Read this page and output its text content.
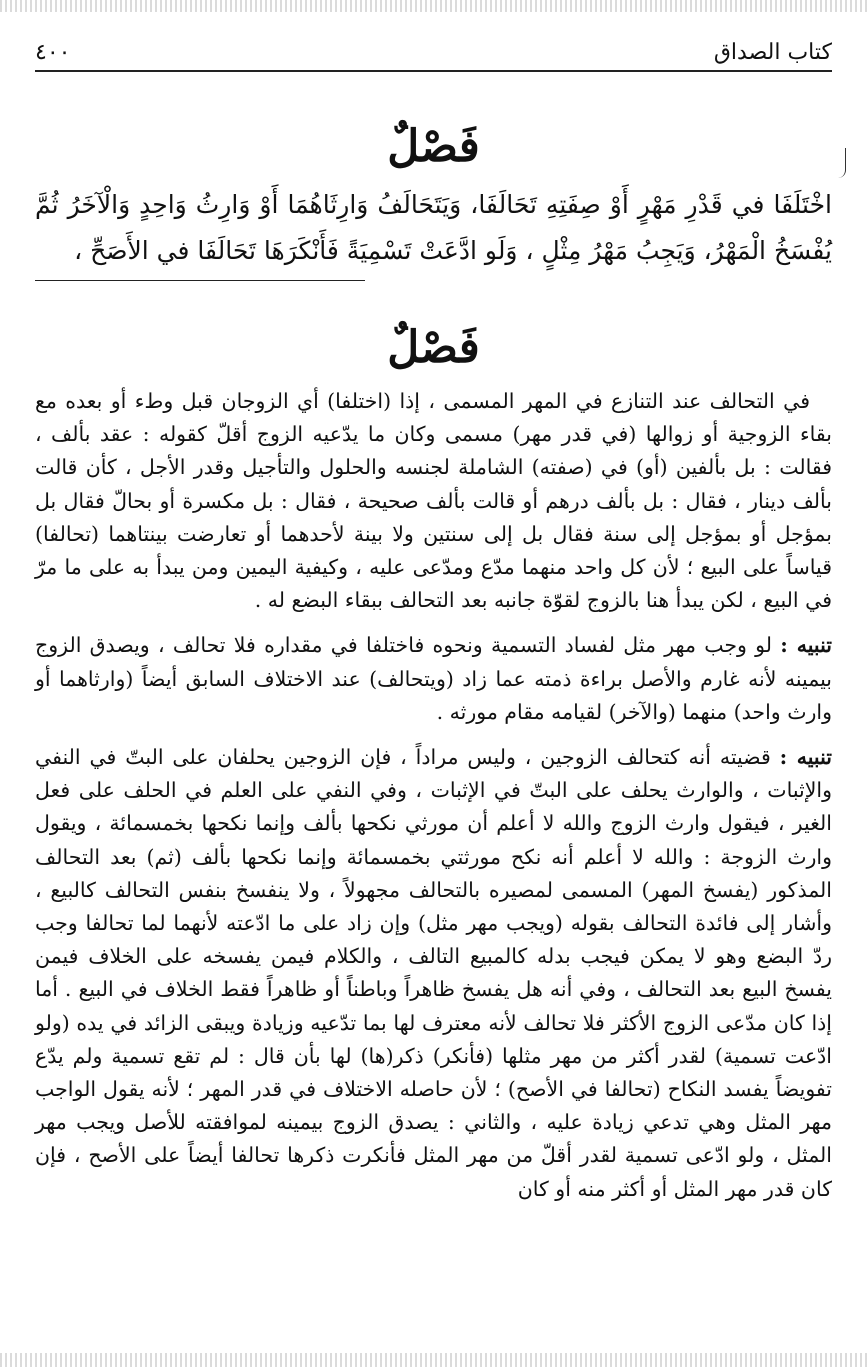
كتاب الصداق
٤٠٠
فَصْلٌ
اخْتَلَفَا في قَدْرِ مَهْرٍ أَوْ صِفَتِهِ تَحَالَفَا، وَيَتَحَالَفُ وَارِثَاهُمَا أَوْ وَارِثُ وَاحِدٍ وَالْآخَرُ ثُمَّ يُفْسَخُ الْمَهْرُ، وَيَجِبُ مَهْرُ مِثْلٍ ، وَلَو ادَّعَتْ تَسْمِيَةً فَأَنْكَرَهَا تَحَالَفَا في الأَصَحِّ ،
فَصْلٌ

في التحالف عند التنازع في المهر المسمى ، إذا (اختلفا) أي الزوجان قبل وطء أو بعده مع بقاء الزوجية أو زوالها (في قدر مهر) مسمى وكان ما يدّعيه الزوج أقلّ كقوله : عقد بألف ، فقالت : بل بألفين (أو) في (صفته) الشاملة لجنسه والحلول والتأجيل وقدر الأجل ، كأن قالت بألف دينار ، فقال : بل بألف درهم أو قالت بألف صحيحة ، فقال : بل مكسرة أو بحالّ فقال بل بمؤجل أو بمؤجل إلى سنة فقال بل إلى سنتين ولا بينة لأحدهما أو تعارضت بينتاهما (تحالفا) قياساً على البيع ؛ لأن كل واحد منهما مدّع ومدّعى عليه ، وكيفية اليمين ومن يبدأ به على ما مرّ في البيع ، لكن يبدأ هنا بالزوج لقوّة جانبه بعد التحالف ببقاء البضع له .

تنبيه : لو وجب مهر مثل لفساد التسمية ونحوه فاختلفا في مقداره فلا تحالف ، ويصدق الزوج بيمينه لأنه غارم والأصل براءة ذمته عما زاد (ويتحالف) عند الاختلاف السابق أيضاً (وارثاهما أو وارث واحد) منهما (والآخر) لقيامه مقام مورثه .

تنبيه : قضيته أنه كتحالف الزوجين ، وليس مراداً ، فإن الزوجين يحلفان على البتّ في النفي والإثبات ، والوارث يحلف على البتّ في الإثبات ، وفي النفي على العلم في الحلف على فعل الغير ، فيقول وارث الزوج والله لا أعلم أن مورثي نكحها بألف وإنما نكحها بخمسمائة ، ويقول وارث الزوجة : والله لا أعلم أنه نكح مورثتي بخمسمائة وإنما نكحها بألف (ثم) بعد التحالف المذكور (يفسخ المهر) المسمى لمصيره بالتحالف مجهولاً ، ولا ينفسخ بنفس التحالف كالبيع ، وأشار إلى فائدة التحالف بقوله (ويجب مهر مثل) وإن زاد على ما ادّعته لأنهما لما تحالفا وجب ردّ البضع وهو لا يمكن فيجب بدله كالمبيع التالف ، والكلام فيمن يفسخه على الخلاف فيمن يفسخ البيع بعد التحالف ، وفي أنه هل يفسخ ظاهراً وباطناً أو ظاهراً فقط الخلاف في البيع . أما إذا كان مدّعى الزوج الأكثر فلا تحالف لأنه معترف لها بما تدّعيه وزيادة ويبقى الزائد في يده (ولو ادّعت تسمية) لقدر أكثر من مهر مثلها (فأنكر) ذكر(ها) لها بأن قال : لم تقع تسمية ولم يدّع تفويضاً يفسد النكاح (تحالفا في الأصح) ؛ لأن حاصله الاختلاف في قدر المهر ؛ لأنه يقول الواجب مهر المثل وهي تدعي زيادة عليه ، والثاني : يصدق الزوج بيمينه لموافقته للأصل ويجب مهر المثل ، ولو ادّعى تسمية لقدر أقلّ من مهر المثل فأنكرت ذكرها تحالفا أيضاً على الأصح ، فإن كان قدر مهر المثل أو أكثر منه أو كان
